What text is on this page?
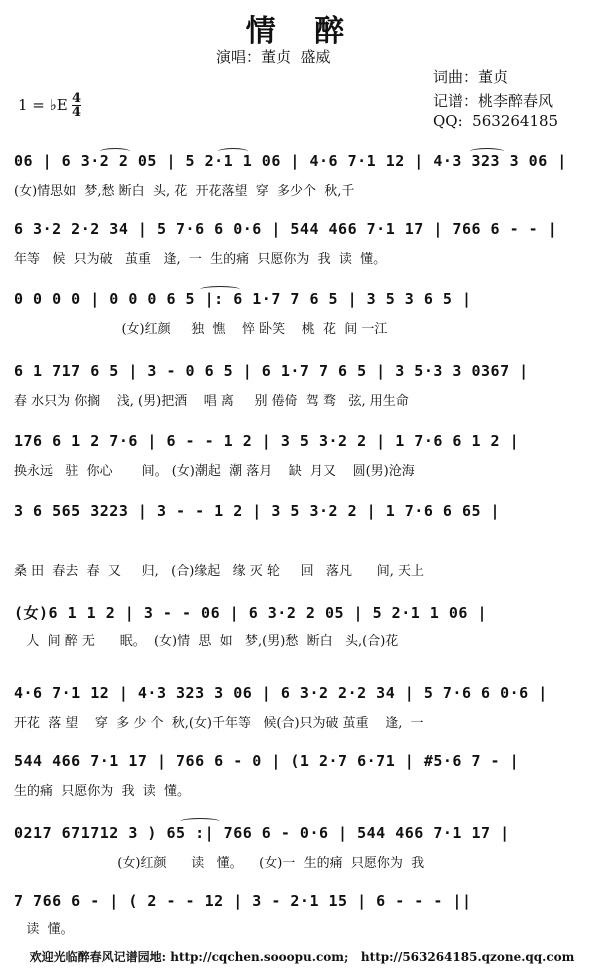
情 醉
演唱：董贞  盛威
词曲：董贞
记谱：桃李醉春风
QQ:  563264185
1 = ♭E $\frac{4}{4}$
06 | 6 3·2 2 05 | 5 2·1 1 06 | 4·6 7·1 12 | 4·3 323 3 06 |
(女)情思如  梦,愁 断白  头, 花  开花落望  穿  多少个  秋,千
6 3·2 2·2 34 | 5 7·6 6 0·6 | 544 466 7·1 17 | 766 6 - - |
年等   候  只为破   茧重   逢,  一  生的痛  只愿你为  我  读  懂。
0 0 0 0 | 0 0 0 6 5 |: 6 1·7 7 6 5 | 3 5 3 6 5 |
(女)红颜     独  憔    悴 卧笑    桃  花  间 一江
6 1 717 6 5 | 3 - 0 6 5 | 6 1·7 7 6 5 | 3 5·3 3 0367 |
春 水只为 你搁    浅, (男)把酒    唱 离     别 倦倚  驾 骛   弦, 用生命
176 6 1 2 7·6 | 6 - - 1 2 | 3 5 3·2 2 | 1 7·6 6 1 2 |
换永远   驻  你心       间。 (女)潮起  潮 落月    缺  月又    圆(男)沧海
3 6 565 3223 | 3 - - 1 2 | 3 5 3·2 2 | 1 7·6 6 65 |
桑 田  春去  春  又     归,   (合)缘起   缘 灭 轮     回   落凡      间, 天上
(女)6 1 1 2 | 3 - - 06 | 6 3·2 2 05 | 5 2·1 1 06 |
人  间 醉 无      眠。  (女)情  思  如   梦,(男)愁  断白   头,(合)花
4·6 7·1 12 | 4·3 323 3 06 | 6 3·2 2·2 34 | 5 7·6 6 0·6 |
开花  落 望    穿  多 少 个  秋,(女)千年等   候(合)只为破 茧重    逢,  一
544 466 7·1 17 | 766 6 - 0 | (1 2·7 6·71 | #5·6 7 - |
生的痛  只愿你为  我  读  懂。
0217 671712 3 ) 65 :| 766 6 - 0·6 | 544 466 7·1 17 |
(女)红颜      读   懂。    (女)一  生的痛  只愿你为  我
7 766 6 - | ( 2 - - 12 | 3 - 2·1 15 | 6 - - - ||
读  懂。
欢迎光临醉春风记谱园地: http://cqchen.sooopu.com;   http://563264185.qzone.qq.com
